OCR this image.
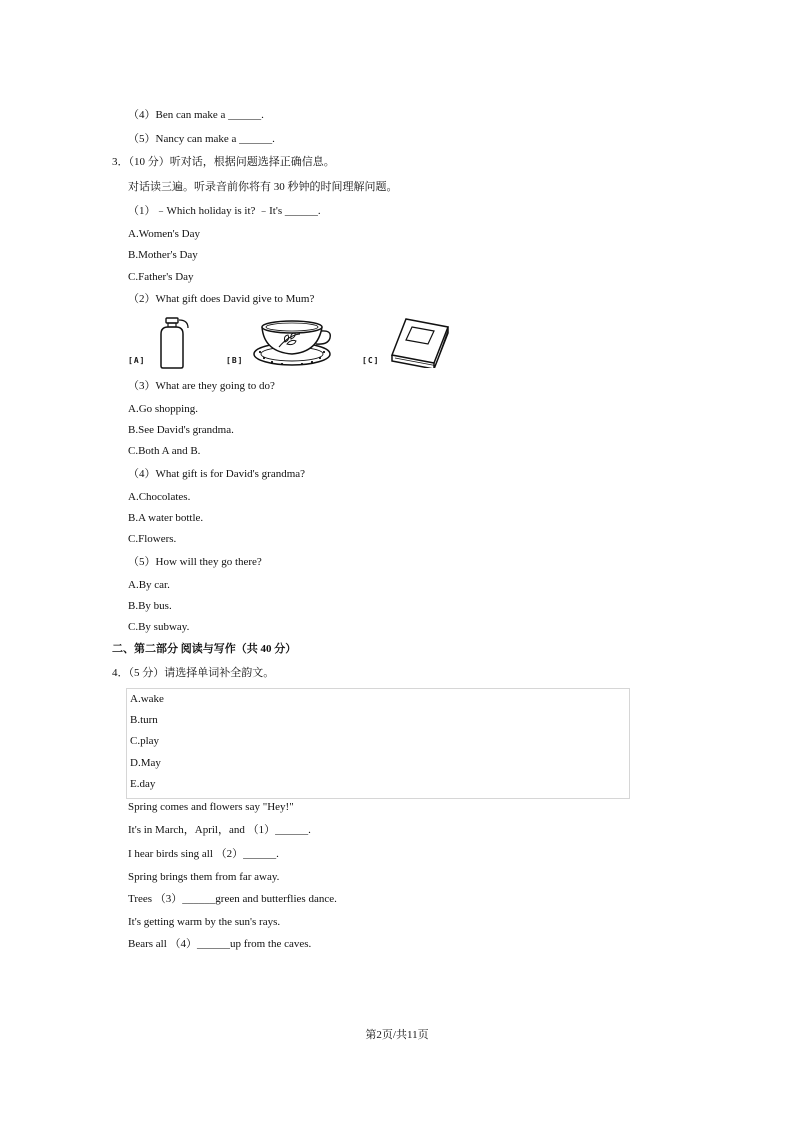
（4）Ben can make a ______.
（5）Nancy can make a ______.
3．（10 分）听对话，根据问题选择正确信息。
对话读三遍。听录音前你将有 30 秒钟的时间理解问题。
（1）﹣Which holiday is it? ﹣It's ______.
A.Women's Day
B.Mother's Day
C.Father's Day
（2）What gift does David give to Mum?
[A]	[B]	[C]
（3）What are they going to do?
A.Go shopping.
B.See David's grandma.
C.Both A and B.
（4）What gift is for David's grandma?
A.Chocolates.
B.A water bottle.
C.Flowers.
（5）How will they go there?
A.By car.
B.By bus.
C.By subway.
二、第二部分 阅读与写作（共 40 分）
4．（5 分）请选择单词补全韵文。
A.wake
B.turn
C.play
D.May
E.day
Spring comes and flowers say "Hey!"
It's in March，April，and （1）______.
I hear birds sing all （2）______.
Spring brings them from far away.
Trees （3）______green and butterflies dance.
It's getting warm by the sun's rays.
Bears all （4）______up from the caves.
第2页/共11页
